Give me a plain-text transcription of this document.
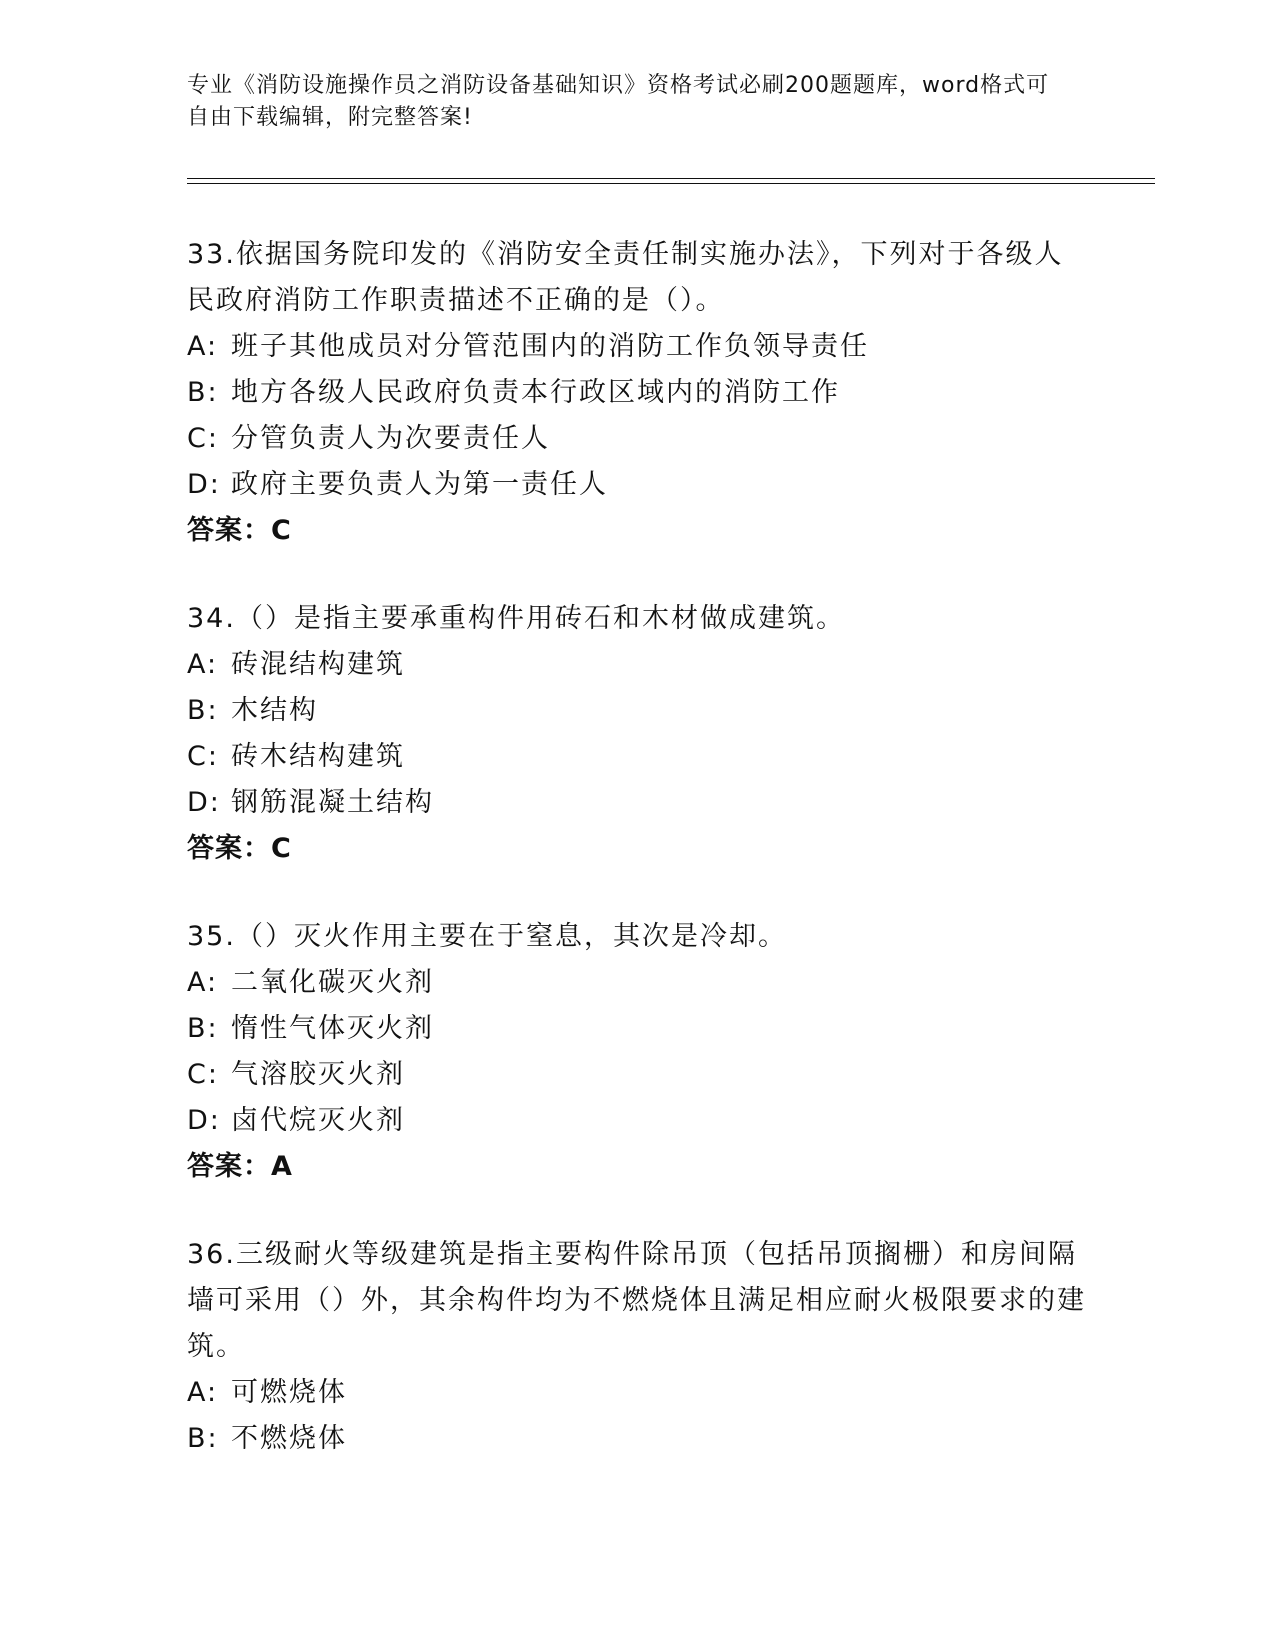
专业《消防设施操作员之消防设备基础知识》资格考试必刷200题题库，word格式可自由下载编辑，附完整答案!
33.依据国务院印发的《消防安全责任制实施办法》，下列对于各级人民政府消防工作职责描述不正确的是（）。
A: 班子其他成员对分管范围内的消防工作负领导责任
B: 地方各级人民政府负责本行政区域内的消防工作
C: 分管负责人为次要责任人
D: 政府主要负责人为第一责任人
答案：C
34.（）是指主要承重构件用砖石和木材做成建筑。
A: 砖混结构建筑
B: 木结构
C: 砖木结构建筑
D: 钢筋混凝土结构
答案：C
35.（）灭火作用主要在于窒息，其次是冷却。
A: 二氧化碳灭火剂
B: 惰性气体灭火剂
C: 气溶胶灭火剂
D: 卤代烷灭火剂
答案：A
36.三级耐火等级建筑是指主要构件除吊顶（包括吊顶搁栅）和房间隔墙可采用（）外，其余构件均为不燃烧体且满足相应耐火极限要求的建筑。
A: 可燃烧体
B: 不燃烧体
